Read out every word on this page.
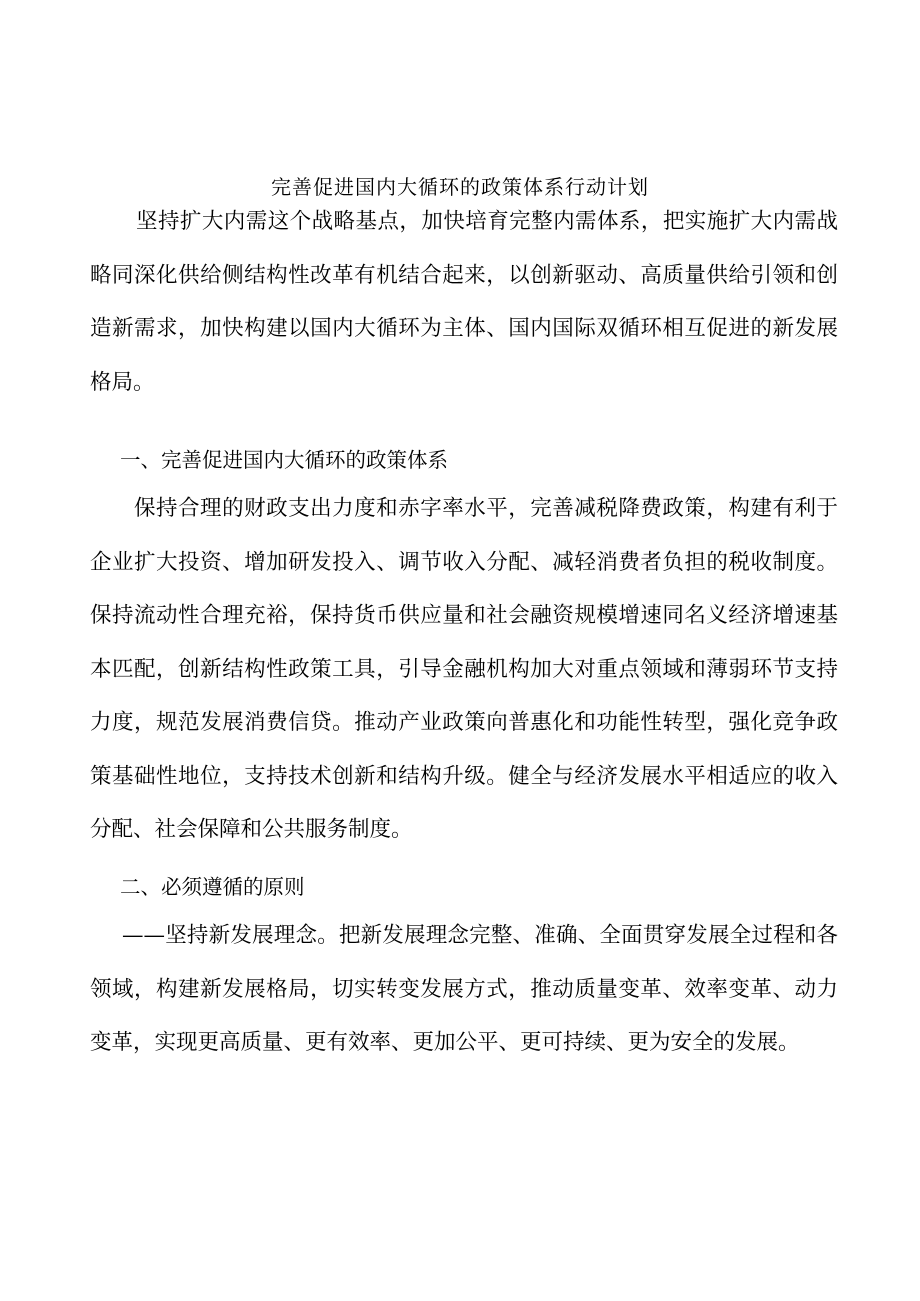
完善促进国内大循环的政策体系行动计划

坚持扩大内需这个战略基点，加快培育完整内需体系，把实施扩大内需战略同深化供给侧结构性改革有机结合起来，以创新驱动、高质量供给引领和创造新需求，加快构建以国内大循环为主体、国内国际双循环相互促进的新发展格局。

一、完善促进国内大循环的政策体系

保持合理的财政支出力度和赤字率水平，完善减税降费政策，构建有利于企业扩大投资、增加研发投入、调节收入分配、减轻消费者负担的税收制度。保持流动性合理充裕，保持货币供应量和社会融资规模增速同名义经济增速基本匹配，创新结构性政策工具，引导金融机构加大对重点领域和薄弱环节支持力度，规范发展消费信贷。推动产业政策向普惠化和功能性转型，强化竞争政策基础性地位，支持技术创新和结构升级。健全与经济发展水平相适应的收入分配、社会保障和公共服务制度。

二、必须遵循的原则

——坚持新发展理念。把新发展理念完整、准确、全面贯穿发展全过程和各领域，构建新发展格局，切实转变发展方式，推动质量变革、效率变革、动力变革，实现更高质量、更有效率、更加公平、更可持续、更为安全的发展。
